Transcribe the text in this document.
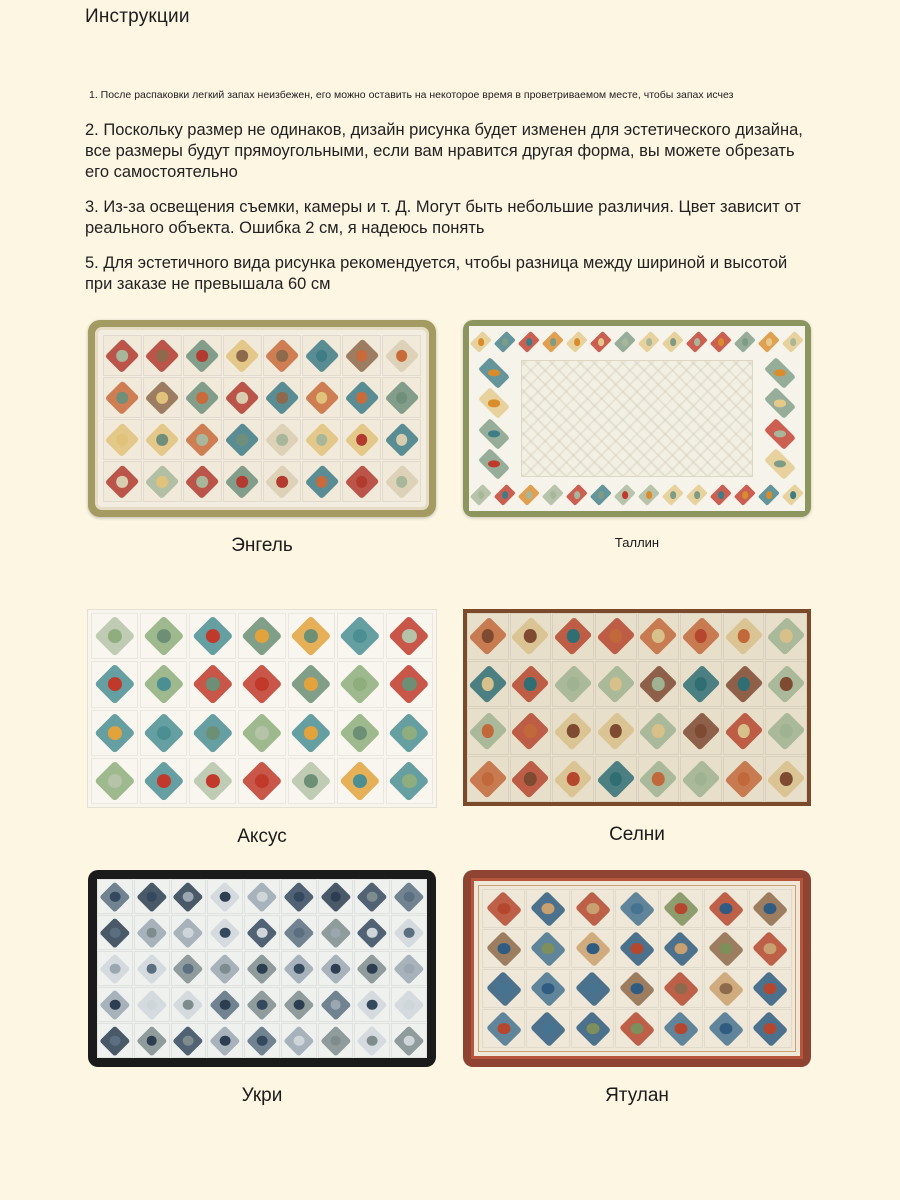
Инструкции
1. После распаковки легкий запах неизбежен, его можно оставить на некоторое время в проветриваемом месте, чтобы запах исчез
2. Поскольку размер не одинаков, дизайн рисунка будет изменен для эстетического дизайна, все размеры будут прямоугольными, если вам нравится другая форма, вы можете обрезать его самостоятельно
3. Из-за освещения съемки, камеры и т. Д. Могут быть небольшие различия. Цвет зависит от реального объекта. Ошибка 2 см, я надеюсь понять
5. Для эстетичного вида рисунка рекомендуется, чтобы разница между шириной и высотой при заказе не превышала 60 см
Энгель	Таллин
Аксус	Селни
Укри	Ятулан
